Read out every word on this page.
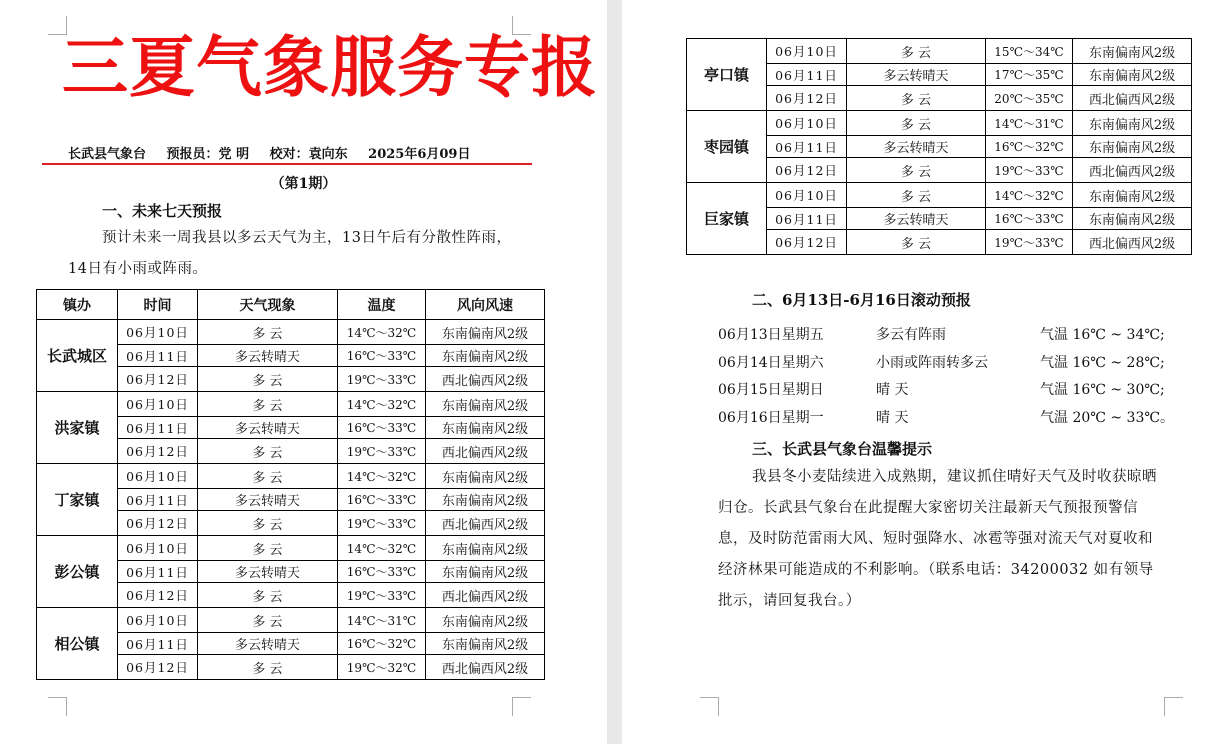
三夏气象服务专报
长武县气象台 预报员：党 明 校对：袁向东 2025年6月09日
（第1期）
一、未来七天预报
预计未来一周我县以多云天气为主，13日午后有分散性阵雨，14日有小雨或阵雨。
镇办	时间	天气现象	温度	风向风速
长武城区	06月10日	多 云	14℃～32℃	东南偏南风2级
	06月11日	多云转晴天	16℃～33℃	东南偏南风2级
	06月12日	多 云	19℃～33℃	西北偏西风2级
洪家镇	06月10日	多 云	14℃～32℃	东南偏南风2级
	06月11日	多云转晴天	16℃～33℃	东南偏南风2级
	06月12日	多 云	19℃～33℃	西北偏西风2级
丁家镇	06月10日	多 云	14℃～32℃	东南偏南风2级
	06月11日	多云转晴天	16℃～33℃	东南偏南风2级
	06月12日	多 云	19℃～33℃	西北偏西风2级
彭公镇	06月10日	多 云	14℃～32℃	东南偏南风2级
	06月11日	多云转晴天	16℃～33℃	东南偏南风2级
	06月12日	多 云	19℃～33℃	西北偏西风2级
相公镇	06月10日	多 云	14℃～31℃	东南偏南风2级
	06月11日	多云转晴天	16℃～32℃	东南偏南风2级
	06月12日	多 云	19℃～32℃	西北偏西风2级
亭口镇	06月10日	多 云	15℃～34℃	东南偏南风2级
	06月11日	多云转晴天	17℃～35℃	东南偏南风2级
	06月12日	多 云	20℃～35℃	西北偏西风2级
枣园镇	06月10日	多 云	14℃～31℃	东南偏南风2级
	06月11日	多云转晴天	16℃～32℃	东南偏南风2级
	06月12日	多 云	19℃～33℃	西北偏西风2级
巨家镇	06月10日	多 云	14℃～32℃	东南偏南风2级
	06月11日	多云转晴天	16℃～33℃	东南偏南风2级
	06月12日	多 云	19℃～33℃	西北偏西风2级
二、6月13日-6月16日滚动预报
三、长武县气象台温馨提示
我县冬小麦陆续进入成熟期，建议抓住晴好天气及时收获晾晒归仓。长武县气象台在此提醒大家密切关注最新天气预报预警信息，及时防范雷雨大风、短时强降水、冰雹等强对流天气对夏收和经济林果可能造成的不利影响。（联系电话：34200032 如有领导批示，请回复我台。）
06月13日星期五	多云有阵雨	气温 16℃ ~ 34℃;
06月14日星期六	小雨或阵雨转多云	气温 16℃ ~ 28℃;
06月15日星期日	晴 天	气温 16℃ ~ 30℃;
06月16日星期一	晴 天	气温 20℃ ~ 33℃。
